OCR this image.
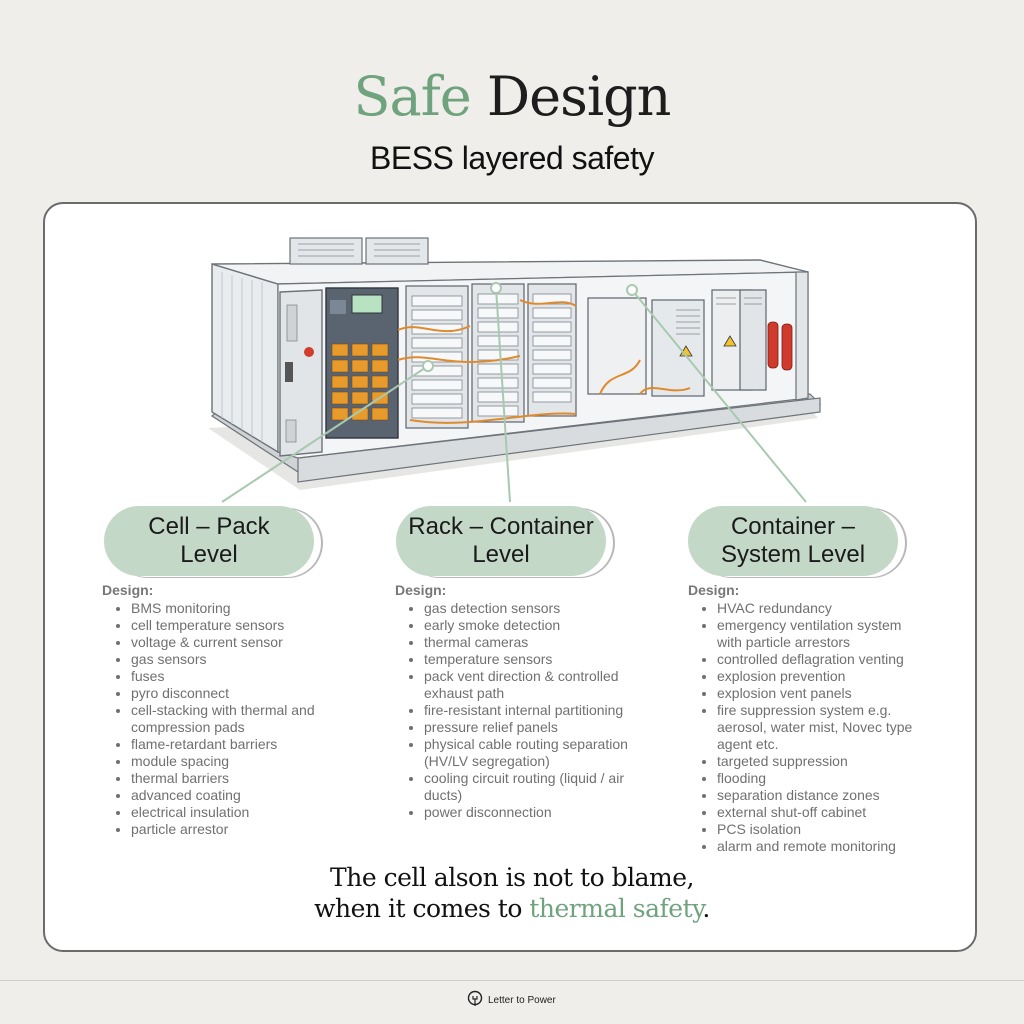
Safe Design
BESS layered safety
Cell – Pack
Level
Rack – Container
Level
Container –
System Level
Design:
• BMS monitoring
• cell temperature sensors
• voltage & current sensor
• gas sensors
• fuses
• pyro disconnect
• cell-stacking with thermal and compression pads
• flame-retardant barriers
• module spacing
• thermal barriers
• advanced coating
• electrical insulation
• particle arrestor
Design:
• gas detection sensors
• early smoke detection
• thermal cameras
• temperature sensors
• pack vent direction & controlled exhaust path
• fire-resistant internal partitioning
• pressure relief panels
• physical cable routing separation (HV/LV segregation)
• cooling circuit routing (liquid / air ducts)
• power disconnection
Design:
• HVAC redundancy
• emergency ventilation system with particle arrestors
• controlled deflagration venting
• explosion prevention
• explosion vent panels
• fire suppression system e.g. aerosol, water mist, Novec type agent etc.
• targeted suppression
• flooding
• separation distance zones
• external shut-off cabinet
• PCS isolation
• alarm and remote monitoring
The cell alson is not to blame,
when it comes to thermal safety.
Letter to Power
